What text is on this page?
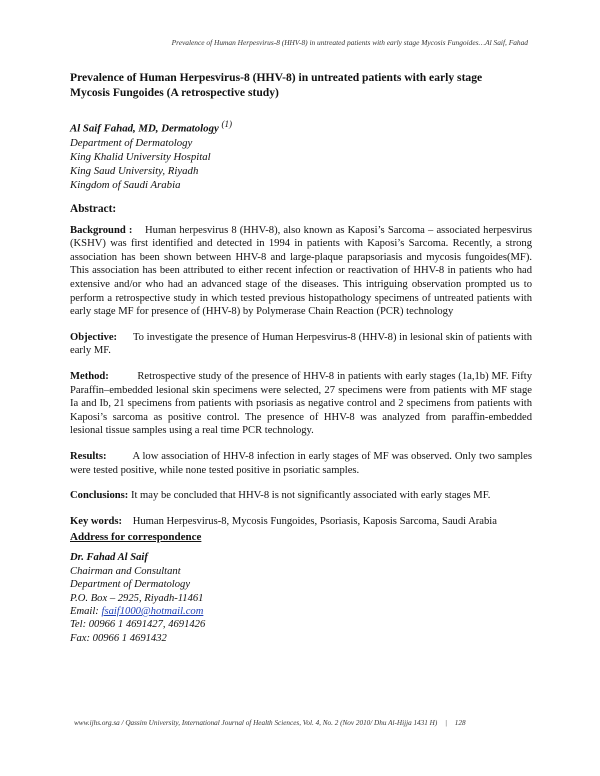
Prevalence of Human Herpesvirus-8 (HHV-8) in untreated patients with early stage Mycosis Fungoides…Al Saif, Fahad
Prevalence of Human Herpesvirus-8 (HHV-8) in untreated patients with early stage
Mycosis Fungoides (A retrospective study)
Al Saif Fahad, MD, Dermatology $^{(1)}$
Department of Dermatology
King Khalid University Hospital
King Saud University, Riyadh
Kingdom of Saudi Arabia
Abstract:

Background : Human herpesvirus 8 (HHV-8), also known as Kaposi’s Sarcoma – associated herpesvirus (KSHV) was first identified and detected in 1994 in patients with Kaposi’s Sarcoma. Recently, a strong association has been shown between HHV-8 and large-plaque parapsoriasis and mycosis fungoides(MF). This association has been attributed to either recent infection or reactivation of HHV-8 in patients who had extensive and/or who had an advanced stage of the diseases. This intriguing observation prompted us to perform a retrospective study in which tested previous histopathology specimens of untreated patients with early stage MF for presence of (HHV-8) by Polymerase Chain Reaction (PCR) technology

Objective: To investigate the presence of Human Herpesvirus-8 (HHV-8) in lesional skin of patients with early MF.

Method:	Retrospective study of the presence of HHV-8 in patients with early stages (1a,1b) MF. Fifty Paraffin–embedded lesional skin specimens were selected, 27 specimens were from patients with MF stage Ia and Ib, 21 specimens from patients with psoriasis as negative control and 2 specimens from patients with Kaposi’s sarcoma as positive control. The presence of HHV-8 was analyzed from paraffin-embedded lesional tissue samples using a real time PCR technology.

Results: A low association of HHV-8 infection in early stages of MF was observed. Only two samples were tested positive, while none tested positive in psoriatic samples.

Conclusions: It may be concluded that HHV-8 is not significantly associated with early stages MF.

Key words: Human Herpesvirus-8, Mycosis Fungoides, Psoriasis, Kaposis Sarcoma, Saudi Arabia

Address for correspondence
Dr. Fahad Al Saif
Chairman and Consultant
Department of Dermatology
P.O. Box – 2925, Riyadh-11461
Email: fsaif1000@hotmail.com
Tel: 00966 1 4691427, 4691426
Fax: 00966 1 4691432
www.ijhs.org.sa / Qassim University, International Journal of Health Sciences, Vol. 4, No. 2 (Nov 2010/ Dhu Al-Hijja 1431 H) | 128
